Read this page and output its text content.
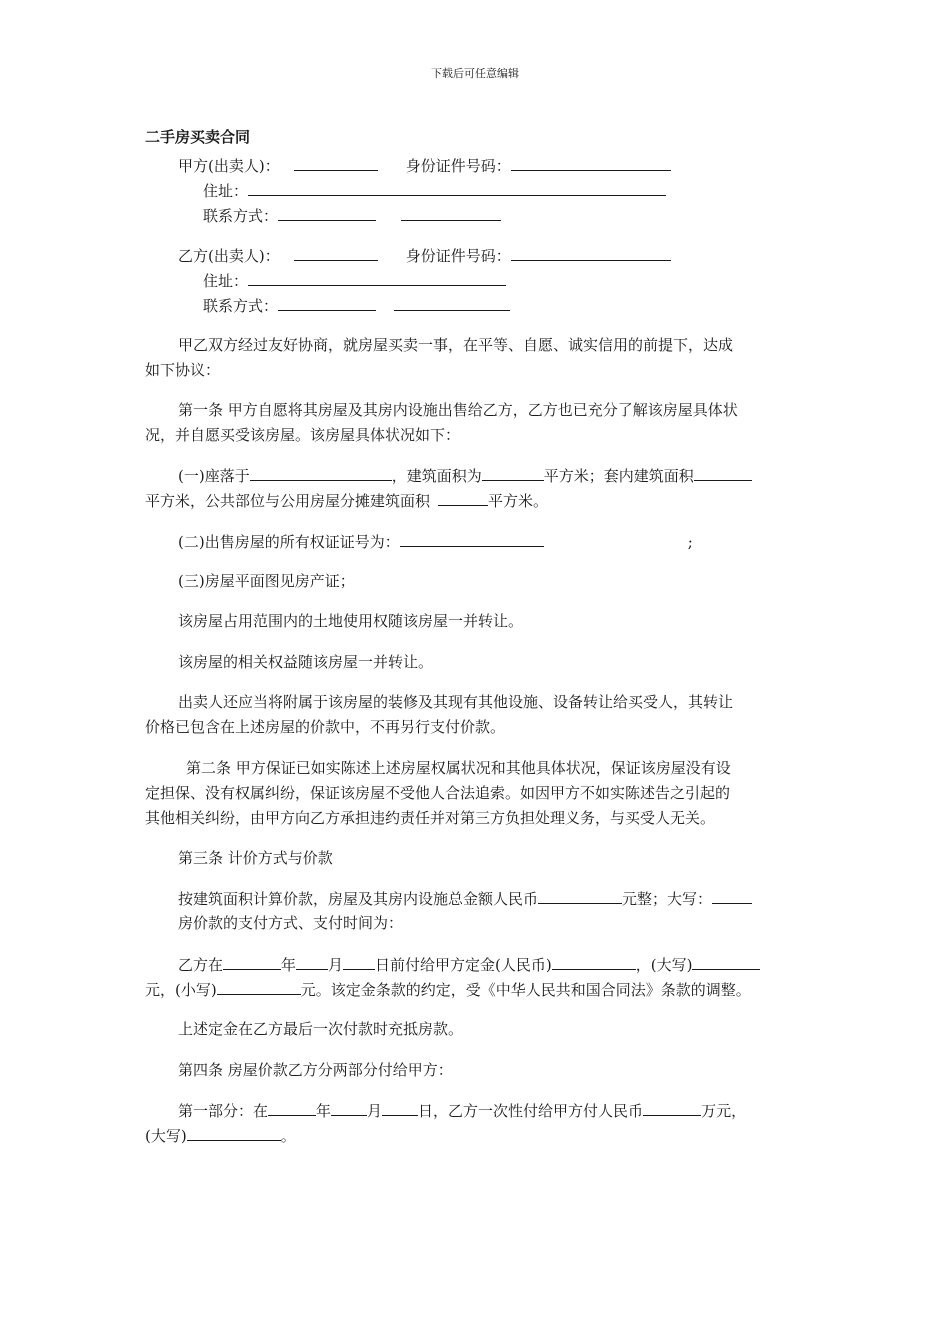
下载后可任意编辑
二手房买卖合同
甲方(出卖人)：	身份证件号码：
住址：
联系方式：
乙方(出卖人)：	身份证件号码：
住址：
联系方式：
甲乙双方经过友好协商，就房屋买卖一事，在平等、自愿、诚实信用的前提下，达成
如下协议：
第一条 甲方自愿将其房屋及其房内设施出售给乙方，乙方也已充分了解该房屋具体状
况，并自愿买受该房屋。该房屋具体状况如下：
(一)座落于	，建筑面积为	平方米；套内建筑面积
平方米，公共部位与公用房屋分摊建筑面积	平方米。
(二)出售房屋的所有权证证号为：	;
(三)房屋平面图见房产证；
该房屋占用范围内的土地使用权随该房屋一并转让。
该房屋的相关权益随该房屋一并转让。
出卖人还应当将附属于该房屋的装修及其现有其他设施、设备转让给买受人，其转让
价格已包含在上述房屋的价款中，不再另行支付价款。
第二条 甲方保证已如实陈述上述房屋权属状况和其他具体状况，保证该房屋没有设
定担保、没有权属纠纷，保证该房屋不受他人合法追索。如因甲方不如实陈述告之引起的
其他相关纠纷，由甲方向乙方承担违约责任并对第三方负担处理义务，与买受人无关。
第三条 计价方式与价款
按建筑面积计算价款，房屋及其房内设施总金额人民币	元整；大写：
房价款的支付方式、支付时间为：
乙方在	年 月 日前付给甲方定金(人民币)	，(大写)
元，(小写)	元。该定金条款的约定，受《中华人民共和国合同法》条款的调整。
上述定金在乙方最后一次付款时充抵房款。
第四条 房屋价款乙方分两部分付给甲方：
第一部分：在	年 月 日，乙方一次性付给甲方付人民币	万元，
(大写)	。
